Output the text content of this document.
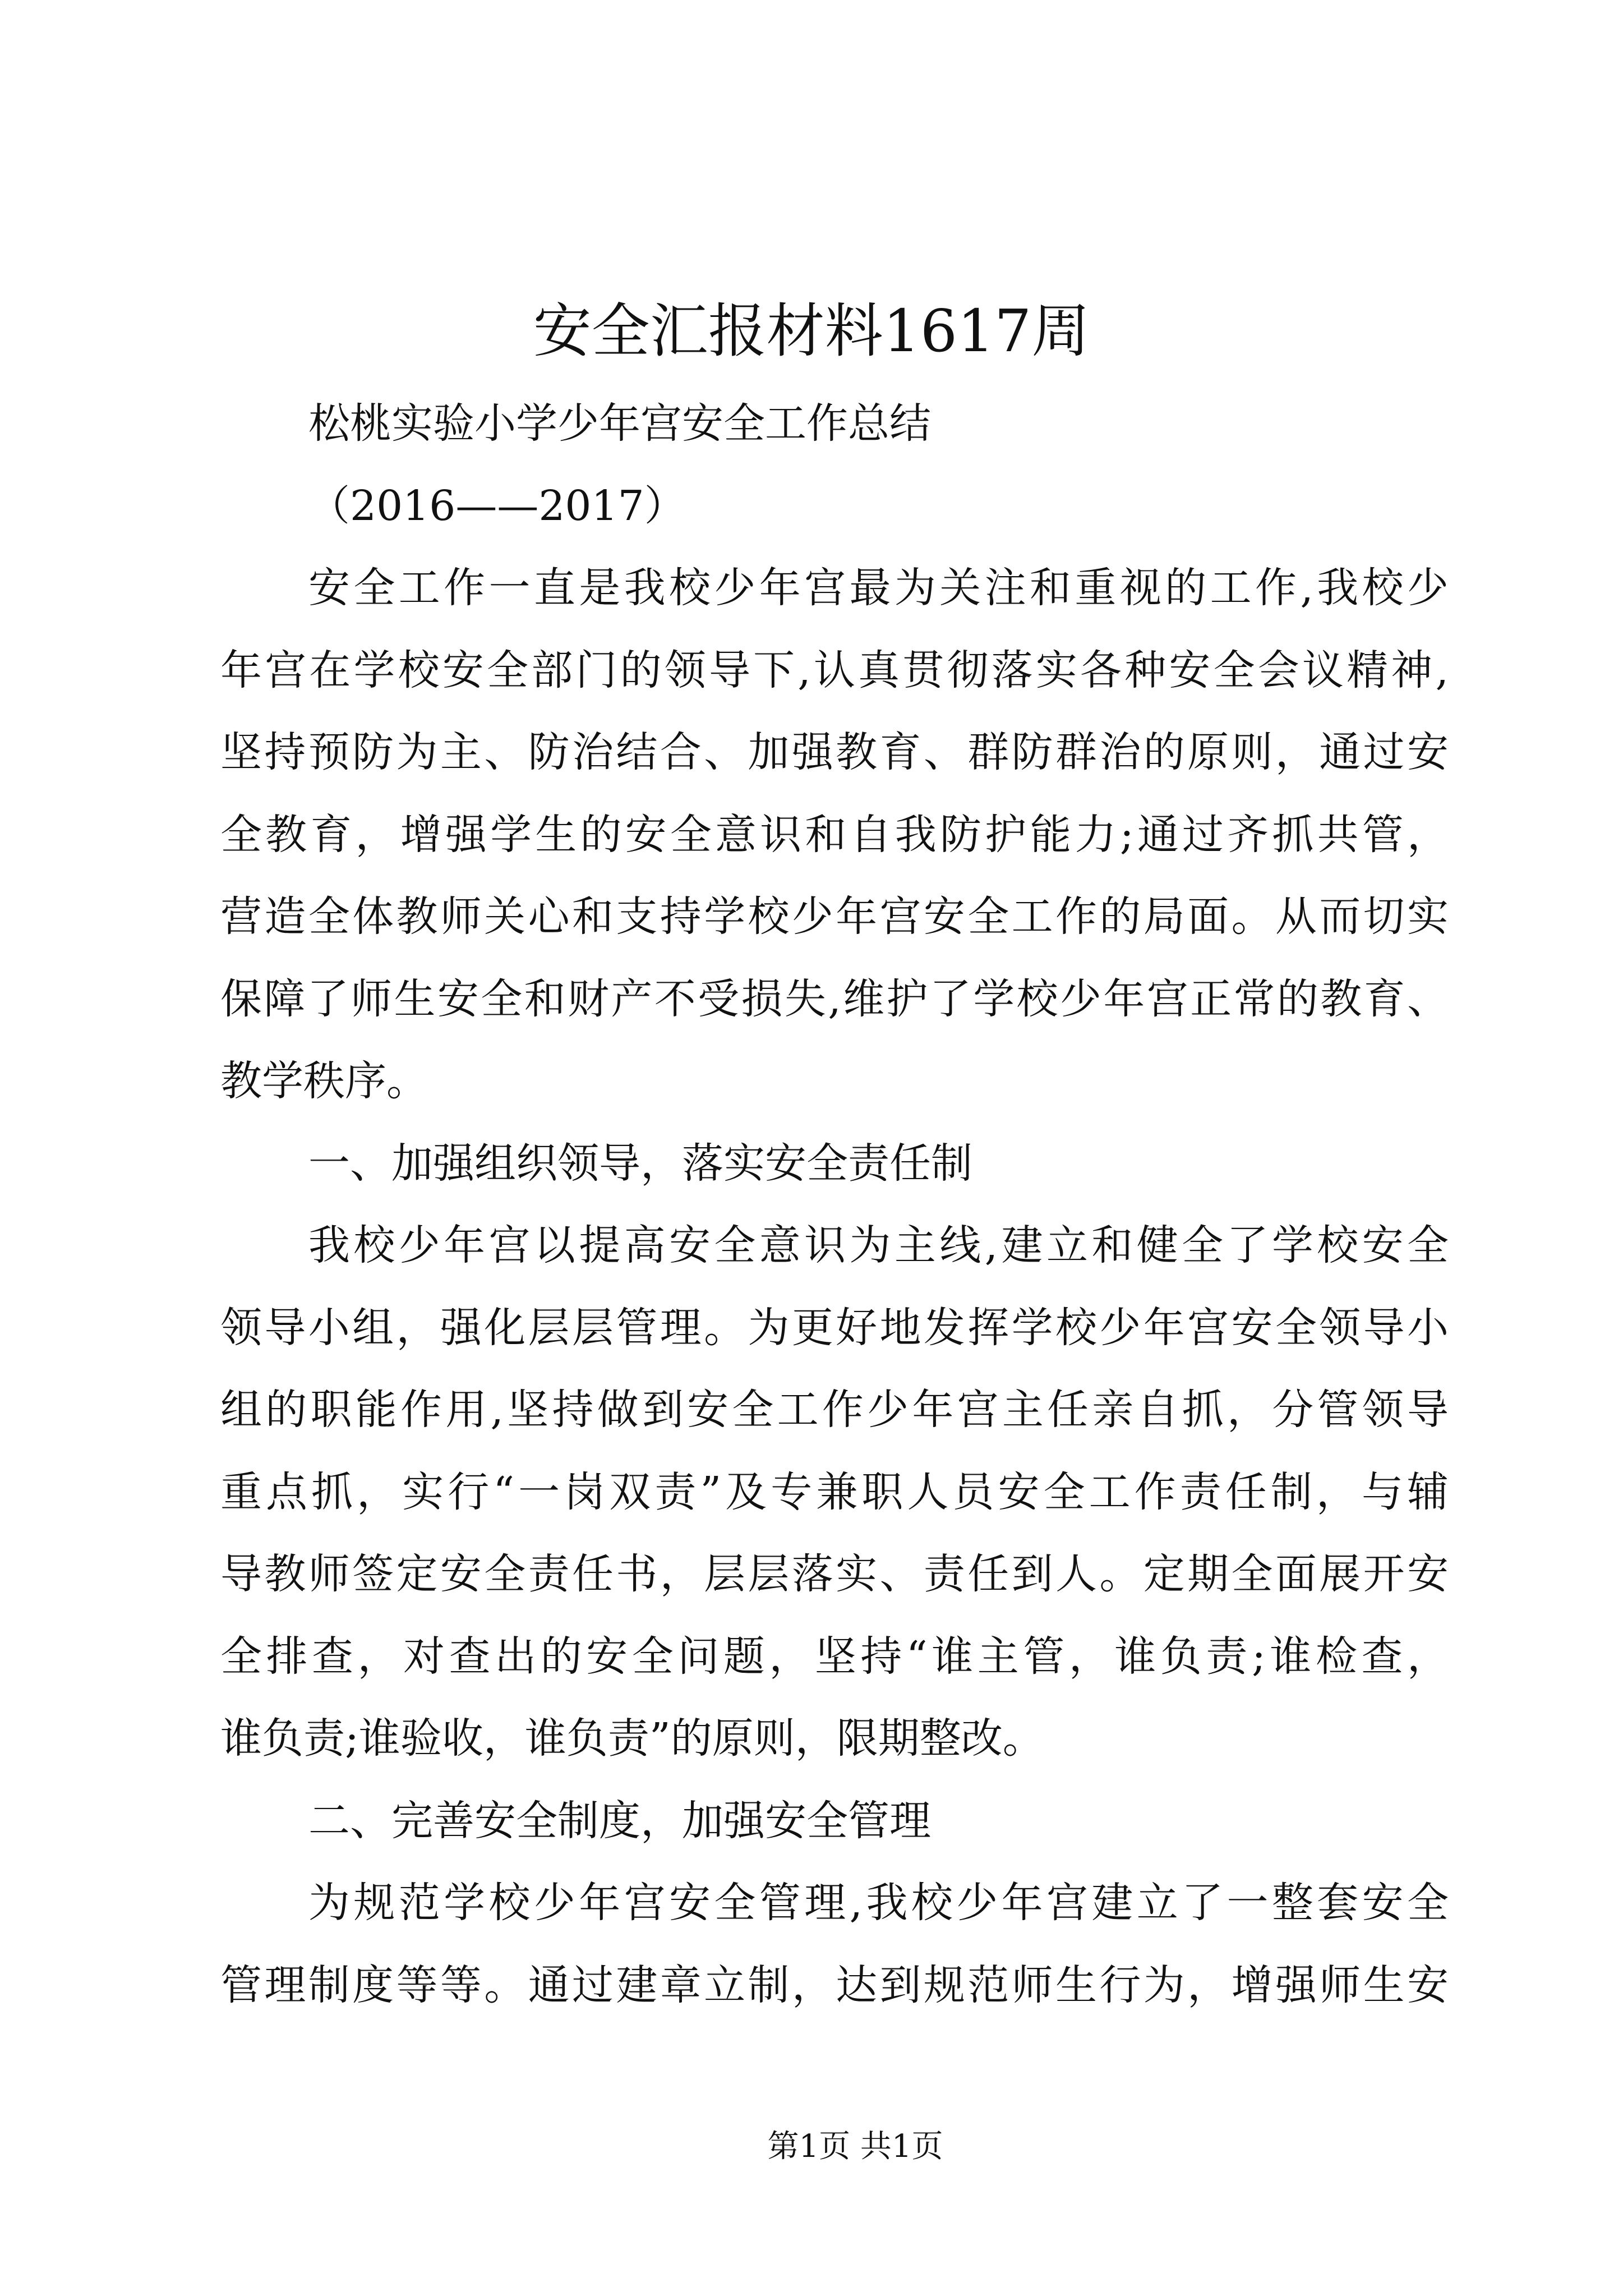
安全汇报材料1617周
松桃实验小学少年宫安全工作总结
（2016——2017）
安全工作一直是我校少年宫最为关注和重视的工作,我校少
年宫在学校安全部门的领导下,认真贯彻落实各种安全会议精神,
坚持预防为主、防治结合、加强教育、群防群治的原则，通过安
全教育，增强学生的安全意识和自我防护能力;通过齐抓共管，
营造全体教师关心和支持学校少年宫安全工作的局面。从而切实
保障了师生安全和财产不受损失,维护了学校少年宫正常的教育、
教学秩序。
一、加强组织领导，落实安全责任制
我校少年宫以提高安全意识为主线,建立和健全了学校安全
领导小组，强化层层管理。为更好地发挥学校少年宫安全领导小
组的职能作用,坚持做到安全工作少年宫主任亲自抓，分管领导
重点抓，实行“一岗双责”及专兼职人员安全工作责任制，与辅
导教师签定安全责任书，层层落实、责任到人。定期全面展开安
全排查，对查出的安全问题，坚持“谁主管，谁负责;谁检查，
谁负责;谁验收，谁负责”的原则，限期整改。
二、完善安全制度，加强安全管理
为规范学校少年宫安全管理,我校少年宫建立了一整套安全
管理制度等等。通过建章立制，达到规范师生行为，增强师生安
第1页 共1页
